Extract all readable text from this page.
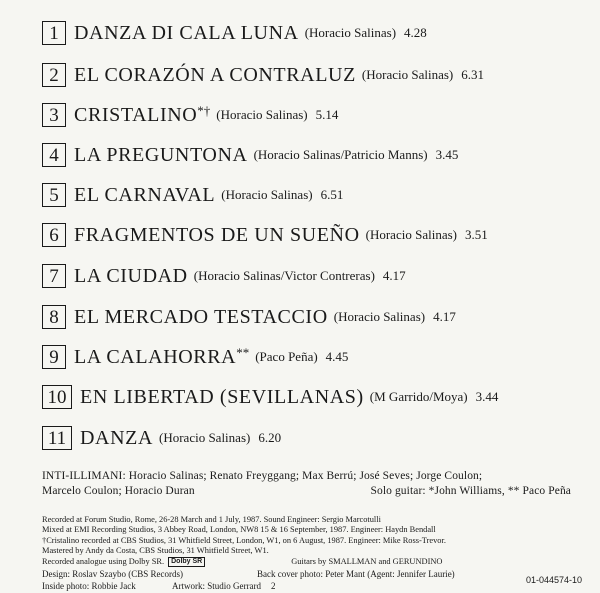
1 DANZA DI CALA LUNA (Horacio Salinas) 4.28
2 EL CORAZÓN A CONTRALUZ (Horacio Salinas) 6.31
3 CRISTALINO *† (Horacio Salinas) 5.14
4 LA PREGUNTONA (Horacio Salinas/Patricio Manns) 3.45
5 EL CARNAVAL (Horacio Salinas) 6.51
6 FRAGMENTOS DE UN SUEÑO (Horacio Salinas) 3.51
7 LA CIUDAD (Horacio Salinas/Victor Contreras) 4.17
8 EL MERCADO TESTACCIO (Horacio Salinas) 4.17
9 LA CALAHORRA ** (Paco Peña) 4.45
10 EN LIBERTAD (SEVILLANAS) (M Garrido/Moya) 3.44
11 DANZA (Horacio Salinas) 6.20
INTI-ILLIMANI: Horacio Salinas; Renato Freyggang; Max Berrú; José Seves; Jorge Coulon;
Marcelo Coulon; Horacio Duran	Solo guitar: *John Williams, ** Paco Peña
Recorded at Forum Studio, Rome, 26-28 March and 1 July, 1987. Sound Engineer: Sergio Marcotulli
Mixed at EMI Recording Studios, 3 Abbey Road, London, NW8 15 & 16 September, 1987. Engineer: Haydn Bendall
†Cristalino recorded at CBS Studios, 31 Whitfield Street, London, W1, on 6 August, 1987. Engineer: Mike Ross-Trevor.
Mastered by Andy da Costa, CBS Studios, 31 Whitfield Street, W1.
Recorded analogue using Dolby SR.	Dolby SR	Guitars by SMALLMAN and GERUNDINO
Design: Roslav Szaybo (CBS Records)	Back cover photo: Peter Mant (Agent: Jennifer Laurie)
Inside photo: Robbie Jack	Artwork: Studio Gerrard 2
01-044574-10
